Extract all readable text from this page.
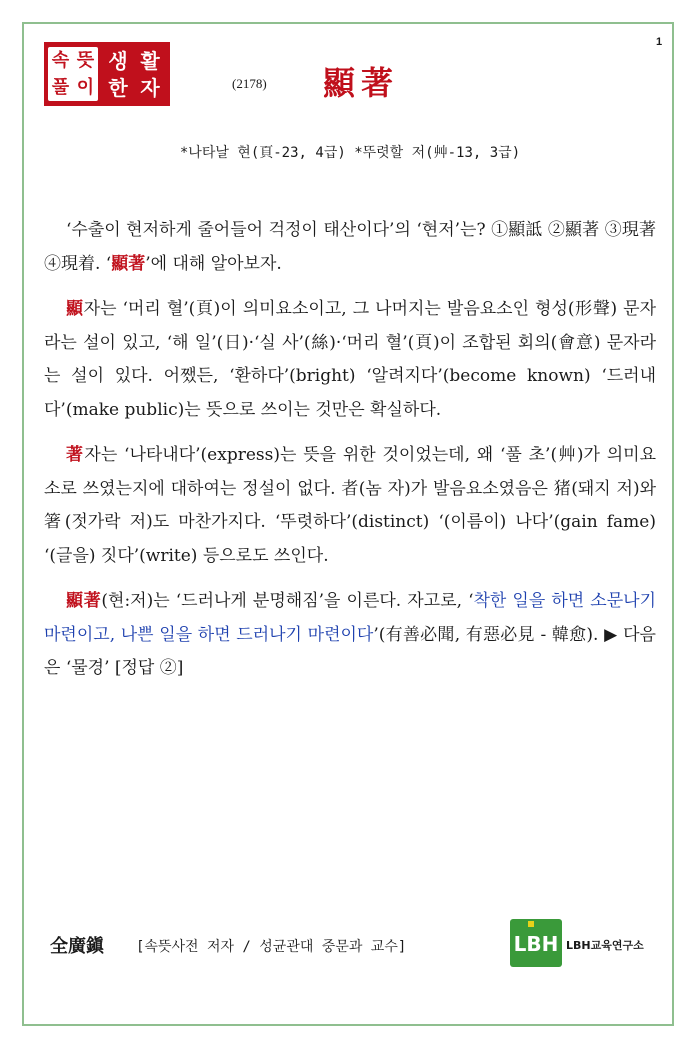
1
속 뜻
풀 이
생 활
한 자	(2178) 顯著
*나타날 현(頁-23, 4급) *뚜렷할 저(艸-13, 3급)

‘수출이 현저하게 줄어들어 걱정이 태산이다’의 ‘현저’는? ①顯詆 ②顯著 ③現著 ④現着. ‘顯著’에 대해 알아보자.

顯자는 ‘머리 혈’(頁)이 의미요소이고, 그 나머지는 발음요소인 형성(形聲) 문자라는 설이 있고, ‘해 일’(日)·‘실 사’(絲)·‘머리 혈’(頁)이 조합된 회의(會意) 문자라는 설이 있다. 어쨌든, ‘환하다’(bright) ‘알려지다’(become known) ‘드러내다’(make public)는 뜻으로 쓰이는 것만은 확실하다.

著자는 ‘나타내다’(express)는 뜻을 위한 것이었는데, 왜 ‘풀 초’(艸)가 의미요소로 쓰였는지에 대하여는 정설이 없다. 者(놈 자)가 발음요소였음은 猪(돼지 저)와 箸(젓가락 저)도 마찬가지다. ‘뚜렷하다’(distinct) ‘(이름이) 나다’(gain fame) ‘(글을) 짓다’(write) 등으로도 쓰인다.

顯著(현:저)는 ‘드러나게 분명해짐’을 이른다. 자고로, ‘착한 일을 하면 소문나기 마련이고, 나쁜 일을 하면 드러나기 마련이다’(有善必聞, 有惡必見 - 韓愈). ▶ 다음은 ‘물경’ [정답 ②]

全廣鎭 [속뜻사전 저자 / 성균관대 중문과 교수]	LBH LBH교육연구소
